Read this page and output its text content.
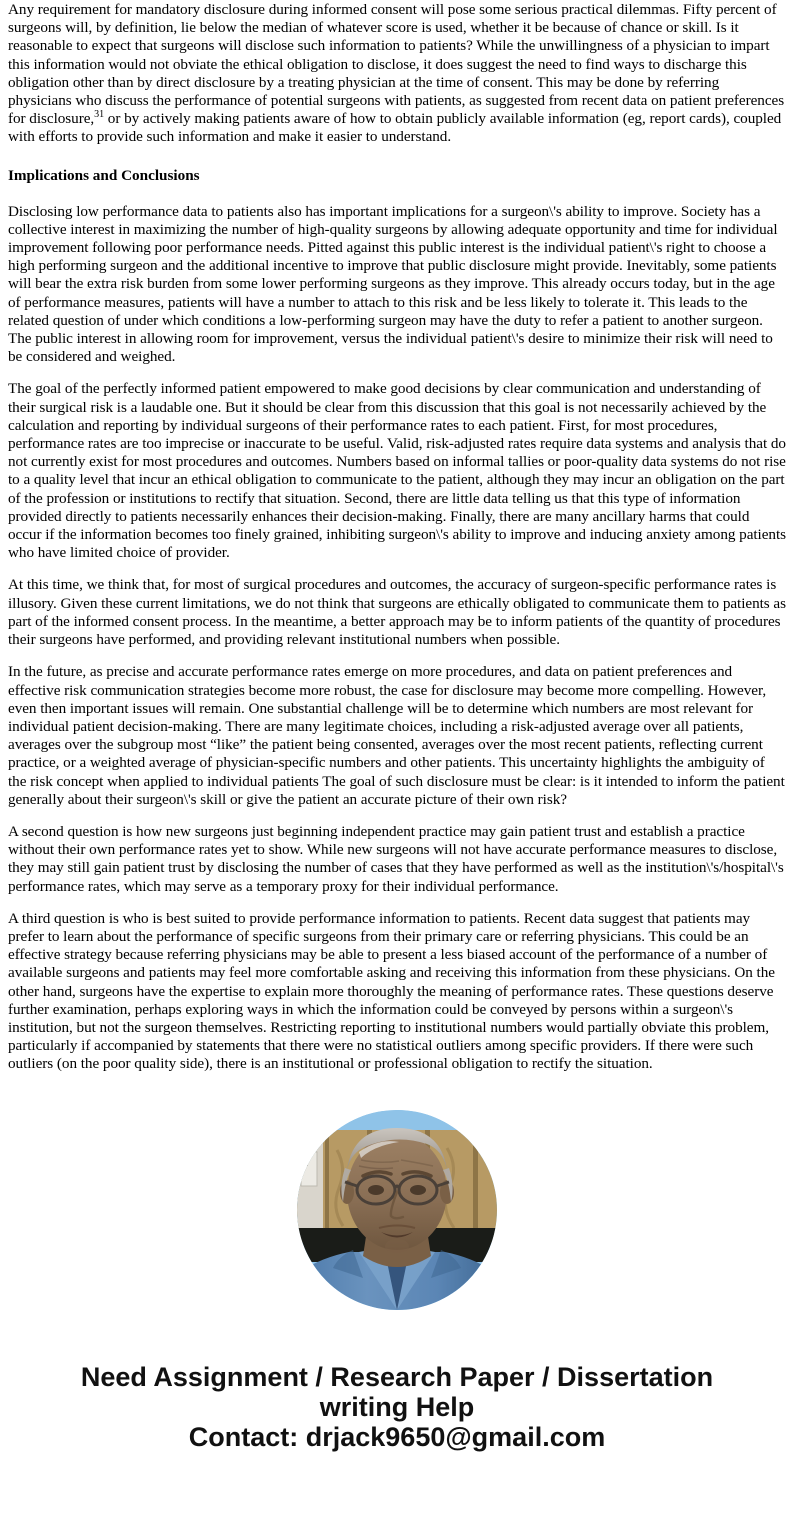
Any requirement for mandatory disclosure during informed consent will pose some serious practical dilemmas. Fifty percent of surgeons will, by definition, lie below the median of whatever score is used, whether it be because of chance or skill. Is it reasonable to expect that surgeons will disclose such information to patients? While the unwillingness of a physician to impart this information would not obviate the ethical obligation to disclose, it does suggest the need to find ways to discharge this obligation other than by direct disclosure by a treating physician at the time of consent. This may be done by referring physicians who discuss the performance of potential surgeons with patients, as suggested from recent data on patient preferences for disclosure,$^{31}$ or by actively making patients aware of how to obtain publicly available information (eg, report cards), coupled with efforts to provide such information and make it easier to understand.

Implications and Conclusions

Disclosing low performance data to patients also has important implications for a surgeon\'s ability to improve. Society has a collective interest in maximizing the number of high-quality surgeons by allowing adequate opportunity and time for individual improvement following poor performance needs. Pitted against this public interest is the individual patient\'s right to choose a high performing surgeon and the additional incentive to improve that public disclosure might provide. Inevitably, some patients will bear the extra risk burden from some lower performing surgeons as they improve. This already occurs today, but in the age of performance measures, patients will have a number to attach to this risk and be less likely to tolerate it. This leads to the related question of under which conditions a low-performing surgeon may have the duty to refer a patient to another surgeon. The public interest in allowing room for improvement, versus the individual patient\'s desire to minimize their risk will need to be considered and weighed.

The goal of the perfectly informed patient empowered to make good decisions by clear communication and understanding of their surgical risk is a laudable one. But it should be clear from this discussion that this goal is not necessarily achieved by the calculation and reporting by individual surgeons of their performance rates to each patient. First, for most procedures, performance rates are too imprecise or inaccurate to be useful. Valid, risk-adjusted rates require data systems and analysis that do not currently exist for most procedures and outcomes. Numbers based on informal tallies or poor-quality data systems do not rise to a quality level that incur an ethical obligation to communicate to the patient, although they may incur an obligation on the part of the profession or institutions to rectify that situation. Second, there are little data telling us that this type of information provided directly to patients necessarily enhances their decision-making. Finally, there are many ancillary harms that could occur if the information becomes too finely grained, inhibiting surgeon\'s ability to improve and inducing anxiety among patients who have limited choice of provider.

At this time, we think that, for most of surgical procedures and outcomes, the accuracy of surgeon-specific performance rates is illusory. Given these current limitations, we do not think that surgeons are ethically obligated to communicate them to patients as part of the informed consent process. In the meantime, a better approach may be to inform patients of the quantity of procedures their surgeons have performed, and providing relevant institutional numbers when possible.

In the future, as precise and accurate performance rates emerge on more procedures, and data on patient preferences and effective risk communication strategies become more robust, the case for disclosure may become more compelling. However, even then important issues will remain. One substantial challenge will be to determine which numbers are most relevant for individual patient decision-making. There are many legitimate choices, including a risk-adjusted average over all patients, averages over the subgroup most “like” the patient being consented, averages over the most recent patients, reflecting current practice, or a weighted average of physician-specific numbers and other patients. This uncertainty highlights the ambiguity of the risk concept when applied to individual patients The goal of such disclosure must be clear: is it intended to inform the patient generally about their surgeon\'s skill or give the patient an accurate picture of their own risk?

A second question is how new surgeons just beginning independent practice may gain patient trust and establish a practice without their own performance rates yet to show. While new surgeons will not have accurate performance measures to disclose, they may still gain patient trust by disclosing the number of cases that they have performed as well as the institution\'s/hospital\'s performance rates, which may serve as a temporary proxy for their individual performance.

A third question is who is best suited to provide performance information to patients. Recent data suggest that patients may prefer to learn about the performance of specific surgeons from their primary care or referring physicians. This could be an effective strategy because referring physicians may be able to present a less biased account of the performance of a number of available surgeons and patients may feel more comfortable asking and receiving this information from these physicians. On the other hand, surgeons have the expertise to explain more thoroughly the meaning of performance rates. These questions deserve further examination, perhaps exploring ways in which the information could be conveyed by persons within a surgeon\'s institution, but not the surgeon themselves. Restricting reporting to institutional numbers would partially obviate this problem, particularly if accompanied by statements that there were no statistical outliers among specific providers. If there were such outliers (on the poor quality side), there is an institutional or professional obligation to rectify the situation.

Need Assignment / Research Paper / Dissertation
writing Help
Contact: drjack9650@gmail.com
